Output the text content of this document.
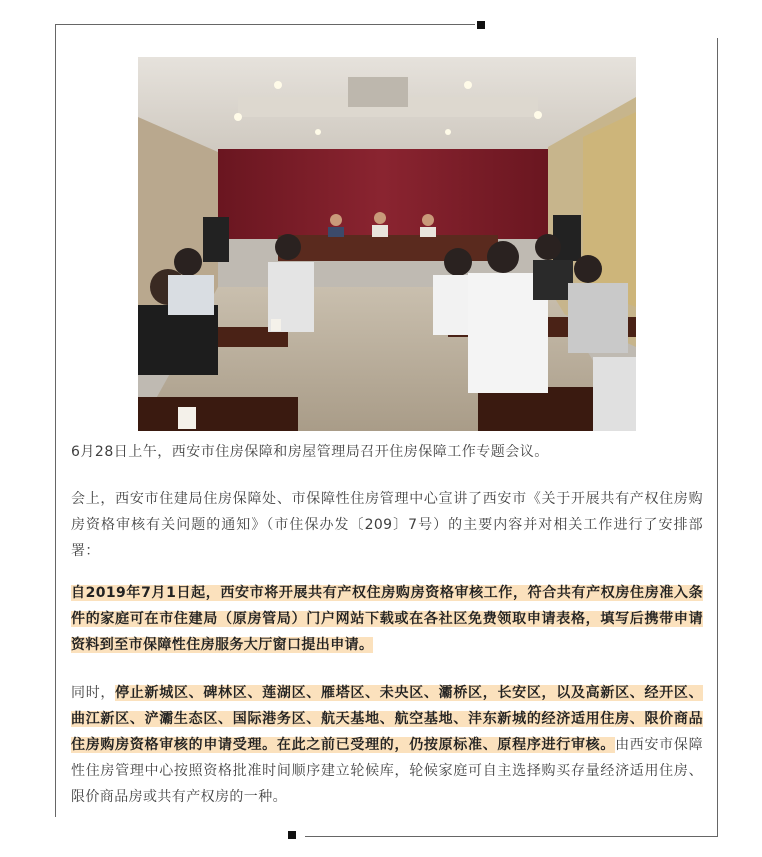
6月28日上午，西安市住房保障和房屋管理局召开住房保障工作专题会议。
会上，西安市住建局住房保障处、市保障性住房管理中心宣讲了西安市《关于开展共有产权住房购房资格审核有关问题的通知》（市住保办发〔209〕7号）的主要内容并对相关工作进行了安排部署：
自2019年7月1日起，西安市将开展共有产权住房购房资格审核工作，符合共有产权房住房准入条件的家庭可在市住建局（原房管局）门户网站下载或在各社区免费领取申请表格，填写后携带申请资料到至市保障性住房服务大厅窗口提出申请。
同时，停止新城区、碑林区、莲湖区、雁塔区、未央区、灞桥区，长安区，以及高新区、经开区、曲江新区、浐灞生态区、国际港务区、航天基地、航空基地、沣东新城的经济适用住房、限价商品住房购房资格审核的申请受理。在此之前已受理的，仍按原标准、原程序进行审核。由西安市保障性住房管理中心按照资格批准时间顺序建立轮候库，轮候家庭可自主选择购买存量经济适用住房、限价商品房或共有产权房的一种。
